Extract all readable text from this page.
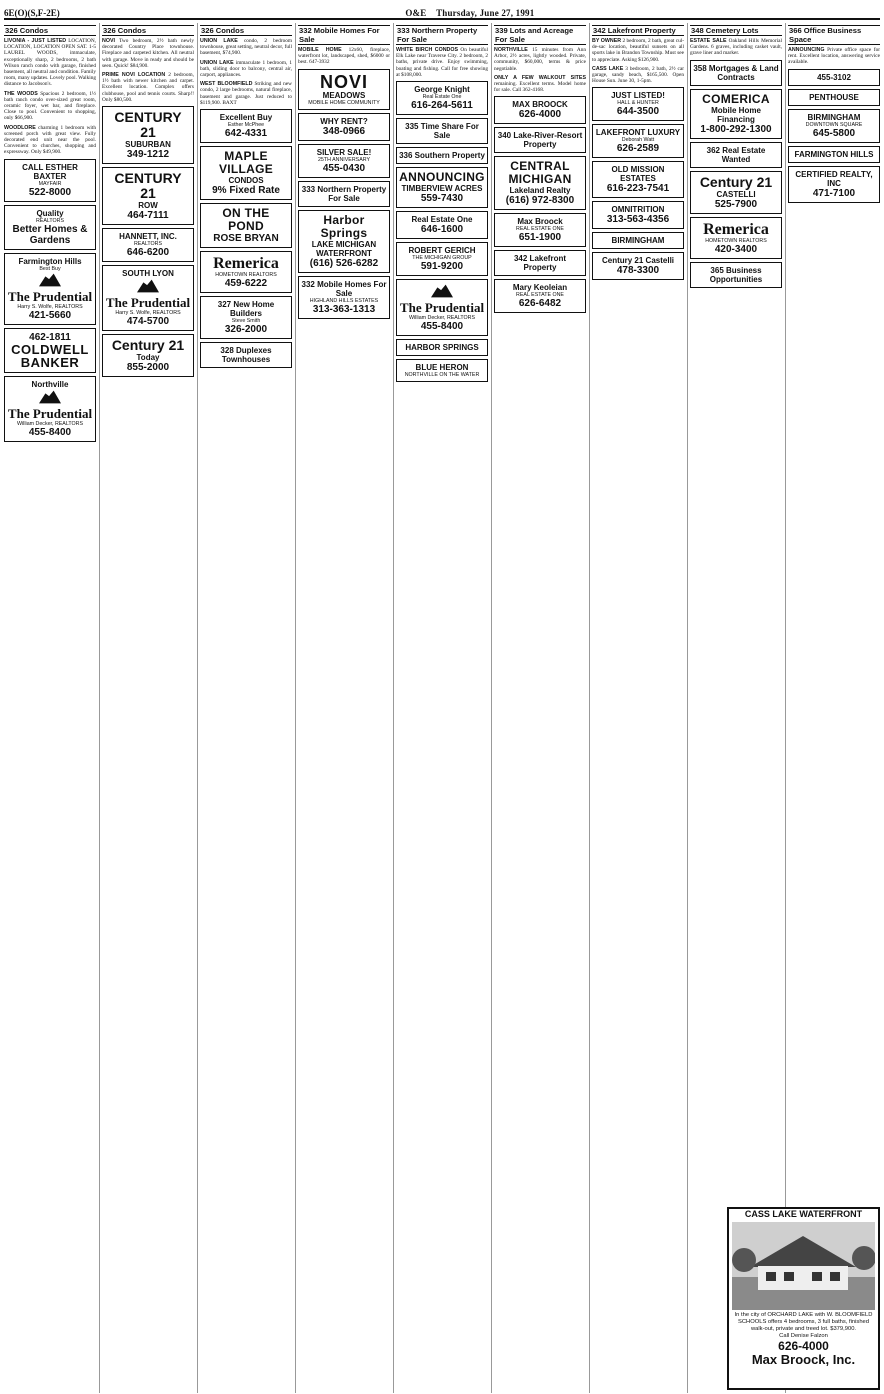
6E(O)(S,F-2E)	O&E Thursday, June 27, 1991
326 Condos
LIVONIA - JUST LISTED LOCATION, LOCATION, LOCATION OPEN SAT. 1-5 LAUREL WOODS, immaculate, exceptionally sharp, 2 bedrooms, 2 bath Wilson ranch condo with garage, finished basement, all neutral and condition. Family room, many updates. Lovely pool. Walking distance to Jacobson's.
THE WOODS Spacious 2 bedroom, 1½ bath ranch condo over-sized great room, ceramic foyer, wet bar, and fireplace. Close to pool. Convenient to shopping, only $66,900.
WOODLORE charming 1 bedroom with screened porch with great view. Fully decorated end unit near the pool. Convenient to churches, shopping and expressway. Only $49,900.
CALL ESTHER BAXTER
MAYFAIR
522-8000
Quality
REALTORS
Better Homes & Gardens
Farmington Hills
Best Buy
The Prudential
Harry S. Wolfe, REALTORS
421-5660
462-1811
COLDWELL
BANKER
Northville
The Prudential
William Decker, REALTORS
455-8400
326 Condos
NOVI Two bedroom, 2½ bath newly decorated Country Place townhouse. Fireplace and carpeted kitchen. All neutral with garage. Move in ready and should be seen. Quick! $84,900.
PRIME NOVI LOCATION 2 bedroom, 1½ bath with newer kitchen and carpet. Excellent location. Complex offers clubhouse, pool and tennis courts. Sharp!! Only $80,500.
CENTURY 21
SUBURBAN
349-1212
CENTURY 21
ROW
464-7111
HANNETT, INC.
REALTORS
646-6200
SOUTH LYON
The Prudential
Harry S. Wolfe, REALTORS
474-5700
Century 21
Today
855-2000
326 Condos
UNION LAKE condo, 2 bedroom townhouse, great setting, neutral decor, full basement, $74,900.
UNION LAKE immaculate 1 bedroom, 1 bath, sliding door to balcony, central air, carport, appliances.
WEST BLOOMFIELD Striking and new condo, 2 large bedrooms, natural fireplace, basement and garage. Just reduced to $119,900. BAXT
Excellent Buy
Esther McPhee
642-4331
MAPLE VILLAGE
CONDOS
9% Fixed Rate
ON THE POND
ROSE BRYAN
Remerica
HOMETOWN REALTORS
459-6222
327 New Home Builders
Steve Smith
326-2000
328 Duplexes Townhouses
332 Mobile Homes For Sale
MOBILE HOME 12x60, fireplace, waterfront lot, landscaped, shed, $6000 or best. 647-3932
NOVI
MEADOWS
MOBILE HOME COMMUNITY
WHY RENT?
348-0966
SILVER SALE!
25TH ANNIVERSARY
455-0430
333 Northern Property For Sale
Harbor Springs
LAKE MICHIGAN WATERFRONT
(616) 526-6282
332 Mobile Homes For Sale
HIGHLAND HILLS ESTATES
313-363-1313
333 Northern Property For Sale
WHITE BIRCH CONDOS On beautiful Elk Lake near Traverse City. 2 bedroom, 2 baths, private drive. Enjoy swimming, boating and fishing. Call for free showing at $108,000.
George Knight
Real Estate One
616-264-5611
335 Time Share For Sale
336 Southern Property
ANNOUNCING
TIMBERVIEW ACRES
559-7430
Real Estate One
646-1600
ROBERT GERICH
THE MICHIGAN GROUP
591-9200
The Prudential
William Decker, REALTORS
455-8400
HARBOR SPRINGS
BLUE HERON
NORTHVILLE ON THE WATER
339 Lots and Acreage For Sale
NORTHVILLE 15 minutes from Ann Arbor, 2½ acres, lightly wooded. Private, community, $60,000, terms & price negotiable.
ONLY A FEW WALKOUT SITES remaining. Excellent terms. Model home for sale. Call 362-4168.
MAX BROOCK
626-4000
340 Lake-River-Resort Property
CENTRAL MICHIGAN
Lakeland Realty
(616) 972-8300
Max Broock
REAL ESTATE ONE
651-1900
342 Lakefront Property
Mary Keoleian
REAL ESTATE ONE
626-6482
342 Lakefront Property
BY OWNER 2 bedroom, 2 bath, great cul-de-sac location, beautiful sunsets on all sports lake in Brandon Township. Must see to appreciate. Asking $126,900.
CASS LAKE 3 bedroom, 2 bath, 2½ car garage, sandy beach, $165,500. Open House Sun. June 30, 1-5pm.
JUST LISTED!
HALL & HUNTER
644-3500
LAKEFRONT LUXURY
Deborah Watt
626-2589
OLD MISSION ESTATES
616-223-7541
OMNITRITION
313-563-4356
BIRMINGHAM
Century 21 Castelli
478-3300
348 Cemetery Lots
ESTATE SALE Oakland Hills Memorial Gardens. 6 graves, including casket vault, grave liner and marker.
358 Mortgages & Land Contracts
COMERICA
Mobile Home Financing
1-800-292-1300
362 Real Estate Wanted
Century 21
CASTELLI
525-7900
Remerica
HOMETOWN REALTORS
420-3400
365 Business Opportunities
366 Office Business Space
ANNOUNCING Private office space for rent. Excellent location, answering service available.
455-3102
PENTHOUSE
BIRMINGHAM
DOWNTOWN SQUARE
645-5800
FARMINGTON HILLS
CERTIFIED REALTY, INC
471-7100
CASS LAKE WATERFRONT
In the city of ORCHARD LAKE with W. BLOOMFIELD SCHOOLS offers 4 bedrooms, 3 full baths, finished walk-out, private and treed lot. $379,900.
Call Denise Falzon
626-4000
Max Broock, Inc.
